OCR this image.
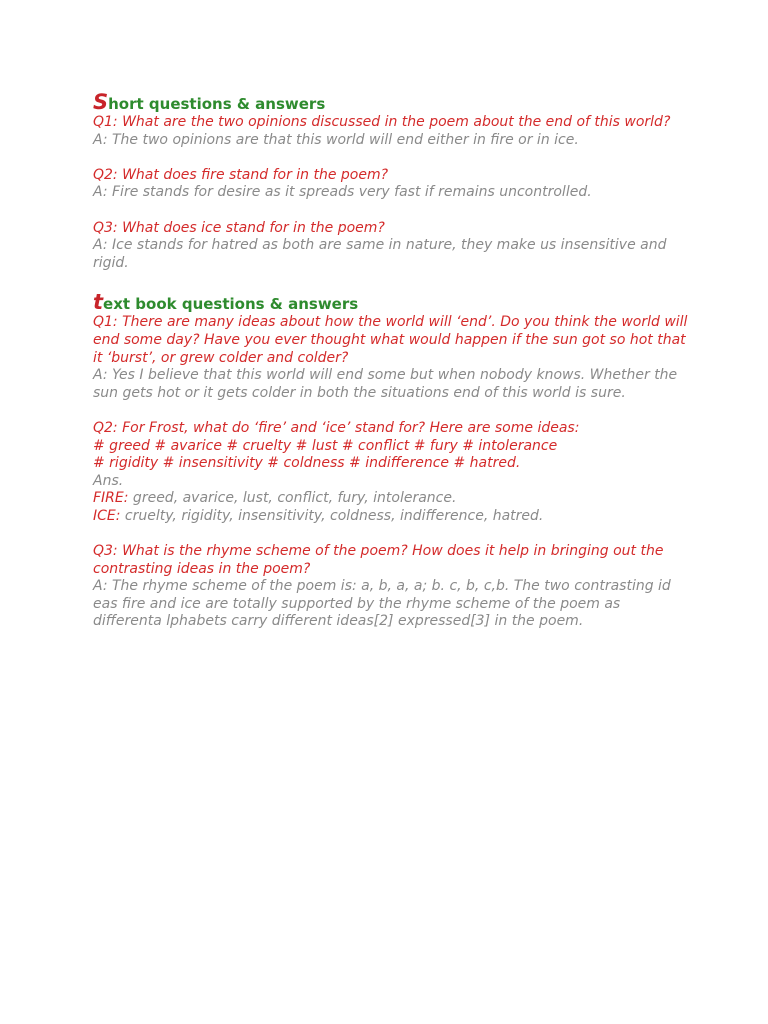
Short questions & answers

Q1: What are the two opinions discussed in the poem about the end of this world?

A: The two opinions are that this world will end either in fire or in ice.

Q2: What does fire stand for in the poem?

A: Fire stands for desire as it spreads very fast if remains uncontrolled.

Q3: What does ice stand for in the poem?

A: Ice stands for hatred as both are same in nature, they make us insensitive and rigid.

text book questions & answers

Q1: There are many ideas about how the world will ‘end’. Do you think the world will end some day? Have you ever thought what would happen if the sun got so hot that it ‘burst’, or grew colder and colder?

A: Yes I believe that this world will end some but when nobody knows. Whether the sun gets hot or it gets colder in both the situations end of this world is sure.

Q2: For Frost, what do ‘fire’ and ‘ice’ stand for? Here are some ideas:

# greed # avarice # cruelty # lust # conflict # fury # intolerance

# rigidity # insensitivity # coldness # indifference # hatred.

Ans.

FIRE: greed, avarice, lust, conflict, fury, intolerance.

ICE: cruelty, rigidity, insensitivity, coldness, indifference, hatred.

Q3: What is the rhyme scheme of the poem? How does it help in bringing out the contrasting ideas in the poem?

A: The rhyme scheme of the poem is: a, b, a, a; b. c, b, c,b. The two contrasting id eas fire and ice are totally supported by the rhyme scheme of the poem as differenta lphabets carry different ideas[2] expressed[3] in the poem.
